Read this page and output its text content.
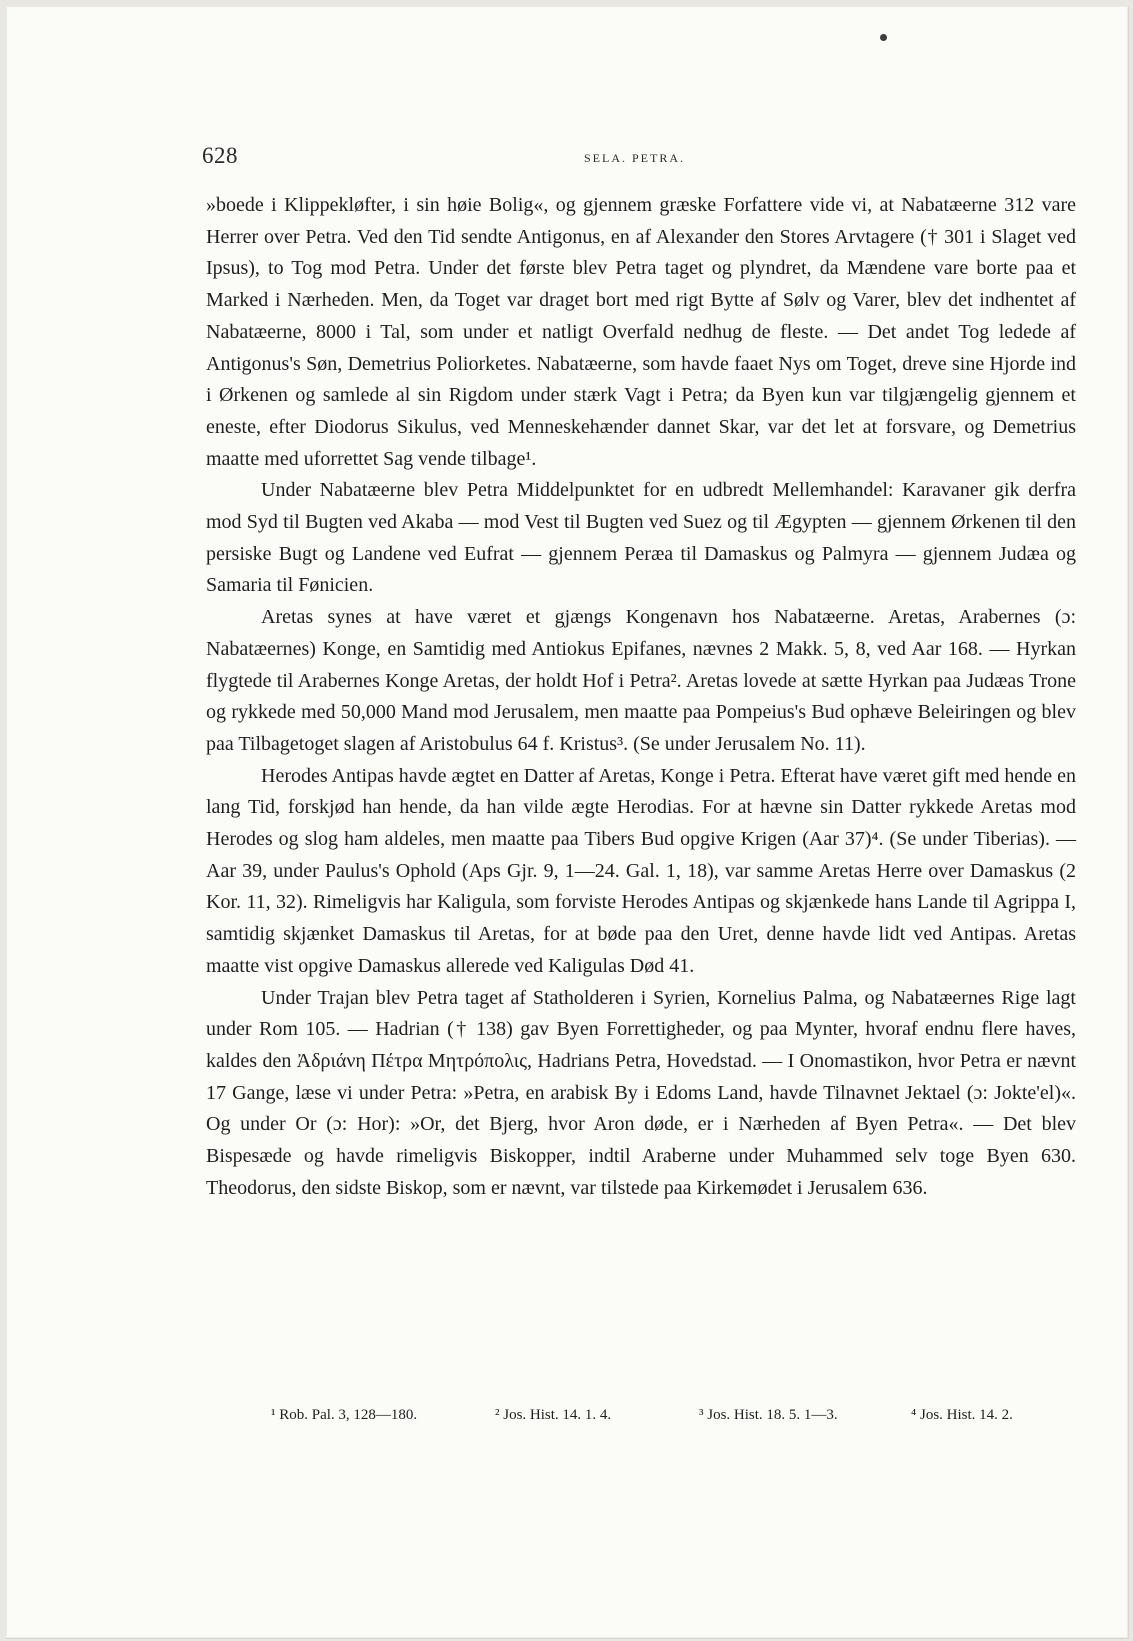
628	SELA. PETRA.

»boede i Klippekløfter, i sin høie Bolig«, og gjennem græske Forfattere vide vi, at Nabatæerne 312 vare Herrer over Petra. Ved den Tid sendte Antigonus, en af Alexander den Stores Arvtagere († 301 i Slaget ved Ipsus), to Tog mod Petra. Under det første blev Petra taget og plyndret, da Mændene vare borte paa et Marked i Nærheden. Men, da Toget var draget bort med rigt Bytte af Sølv og Varer, blev det indhentet af Nabatæerne, 8000 i Tal, som under et natligt Overfald nedhug de fleste. — Det andet Tog ledede af Antigonus's Søn, Demetrius Poliorketes. Nabatæerne, som havde faaet Nys om Toget, dreve sine Hjorde ind i Ørkenen og samlede al sin Rigdom under stærk Vagt i Petra; da Byen kun var tilgjængelig gjennem et eneste, efter Diodorus Sikulus, ved Menneskehænder dannet Skar, var det let at forsvare, og Demetrius maatte med uforrettet Sag vende tilbage¹.

Under Nabatæerne blev Petra Middelpunktet for en udbredt Mellemhandel: Karavaner gik derfra mod Syd til Bugten ved Akaba — mod Vest til Bugten ved Suez og til Ægypten — gjennem Ørkenen til den persiske Bugt og Landene ved Eufrat — gjennem Peræa til Damaskus og Palmyra — gjennem Judæa og Samaria til Fønicien.

Aretas synes at have været et gjængs Kongenavn hos Nabatæerne. Aretas, Arabernes (ɔ: Nabatæernes) Konge, en Samtidig med Antiokus Epifanes, nævnes 2 Makk. 5, 8, ved Aar 168. — Hyrkan flygtede til Arabernes Konge Aretas, der holdt Hof i Petra². Aretas lovede at sætte Hyrkan paa Judæas Trone og rykkede med 50,000 Mand mod Jerusalem, men maatte paa Pompeius's Bud ophæve Beleiringen og blev paa Tilbagetoget slagen af Aristobulus 64 f. Kristus³. (Se under Jerusalem No. 11).

Herodes Antipas havde ægtet en Datter af Aretas, Konge i Petra. Efterat have været gift med hende en lang Tid, forskjød han hende, da han vilde ægte Herodias. For at hævne sin Datter rykkede Aretas mod Herodes og slog ham aldeles, men maatte paa Tibers Bud opgive Krigen (Aar 37)⁴. (Se under Tiberias). — Aar 39, under Paulus's Ophold (Aps Gjr. 9, 1—24. Gal. 1, 18), var samme Aretas Herre over Damaskus (2 Kor. 11, 32). Rimeligvis har Kaligula, som forviste Herodes Antipas og skjænkede hans Lande til Agrippa I, samtidig skjænket Damaskus til Aretas, for at bøde paa den Uret, denne havde lidt ved Antipas. Aretas maatte vist opgive Damaskus allerede ved Kaligulas Død 41.

Under Trajan blev Petra taget af Statholderen i Syrien, Kornelius Palma, og Nabatæernes Rige lagt under Rom 105. — Hadrian († 138) gav Byen Forrettigheder, og paa Mynter, hvoraf endnu flere haves, kaldes den Ἀδριάνη Πέτρα Μητρόπολις, Hadrians Petra, Hovedstad. — I Onomastikon, hvor Petra er nævnt 17 Gange, læse vi under Petra: »Petra, en arabisk By i Edoms Land, havde Tilnavnet Jektael (ɔ: Jokte'el)«. Og under Or (ɔ: Hor): »Or, det Bjerg, hvor Aron døde, er i Nærheden af Byen Petra«. — Det blev Bispesæde og havde rimeligvis Biskopper, indtil Araberne under Muhammed selv toge Byen 630. Theodorus, den sidste Biskop, som er nævnt, var tilstede paa Kirkemødet i Jerusalem 636.

¹ Rob. Pal. 3, 128—180.	² Jos. Hist. 14. 1. 4.	³ Jos. Hist. 18. 5. 1—3.	⁴ Jos. Hist. 14. 2.
